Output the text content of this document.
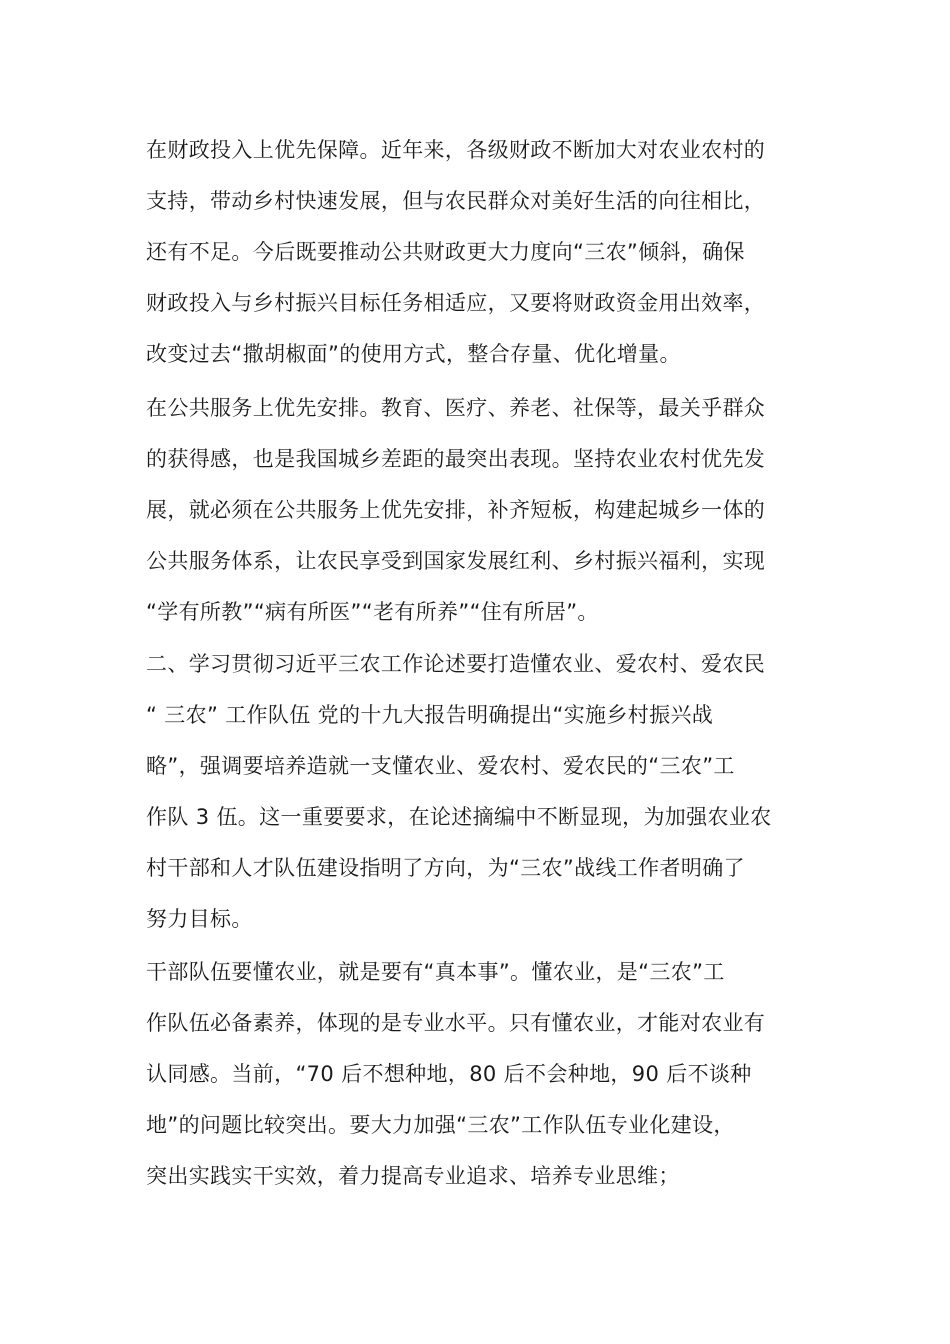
在财政投入上优先保障。近年来，各级财政不断加大对农业农村的
支持，带动乡村快速发展，但与农民群众对美好生活的向往相比，
还有不足。今后既要推动公共财政更大力度向“三农”倾斜，确保
财政投入与乡村振兴目标任务相适应，又要将财政资金用出效率，
改变过去“撒胡椒面”的使用方式，整合存量、优化增量。
在公共服务上优先安排。教育、医疗、养老、社保等，最关乎群众
的获得感，也是我国城乡差距的最突出表现。坚持农业农村优先发
展，就必须在公共服务上优先安排，补齐短板，构建起城乡一体的
公共服务体系，让农民享受到国家发展红利、乡村振兴福利，实现
“学有所教”“病有所医”“老有所养”“住有所居”。
二、学习贯彻习近平三农工作论述要打造懂农业、爱农村、爱农民
“ 三农” 工作队伍 党的十九大报告明确提出“实施乡村振兴战
略”，强调要培养造就一支懂农业、爱农村、爱农民的“三农”工
作队 3 伍。这一重要要求，在论述摘编中不断显现，为加强农业农
村干部和人才队伍建设指明了方向，为“三农”战线工作者明确了
努力目标。
干部队伍要懂农业，就是要有“真本事”。懂农业，是“三农”工
作队伍必备素养，体现的是专业水平。只有懂农业，才能对农业有
认同感。当前，“70 后不想种地，80 后不会种地，90 后不谈种
地”的问题比较突出。要大力加强“三农”工作队伍专业化建设，
突出实践实干实效，着力提高专业追求、培养专业思维；
